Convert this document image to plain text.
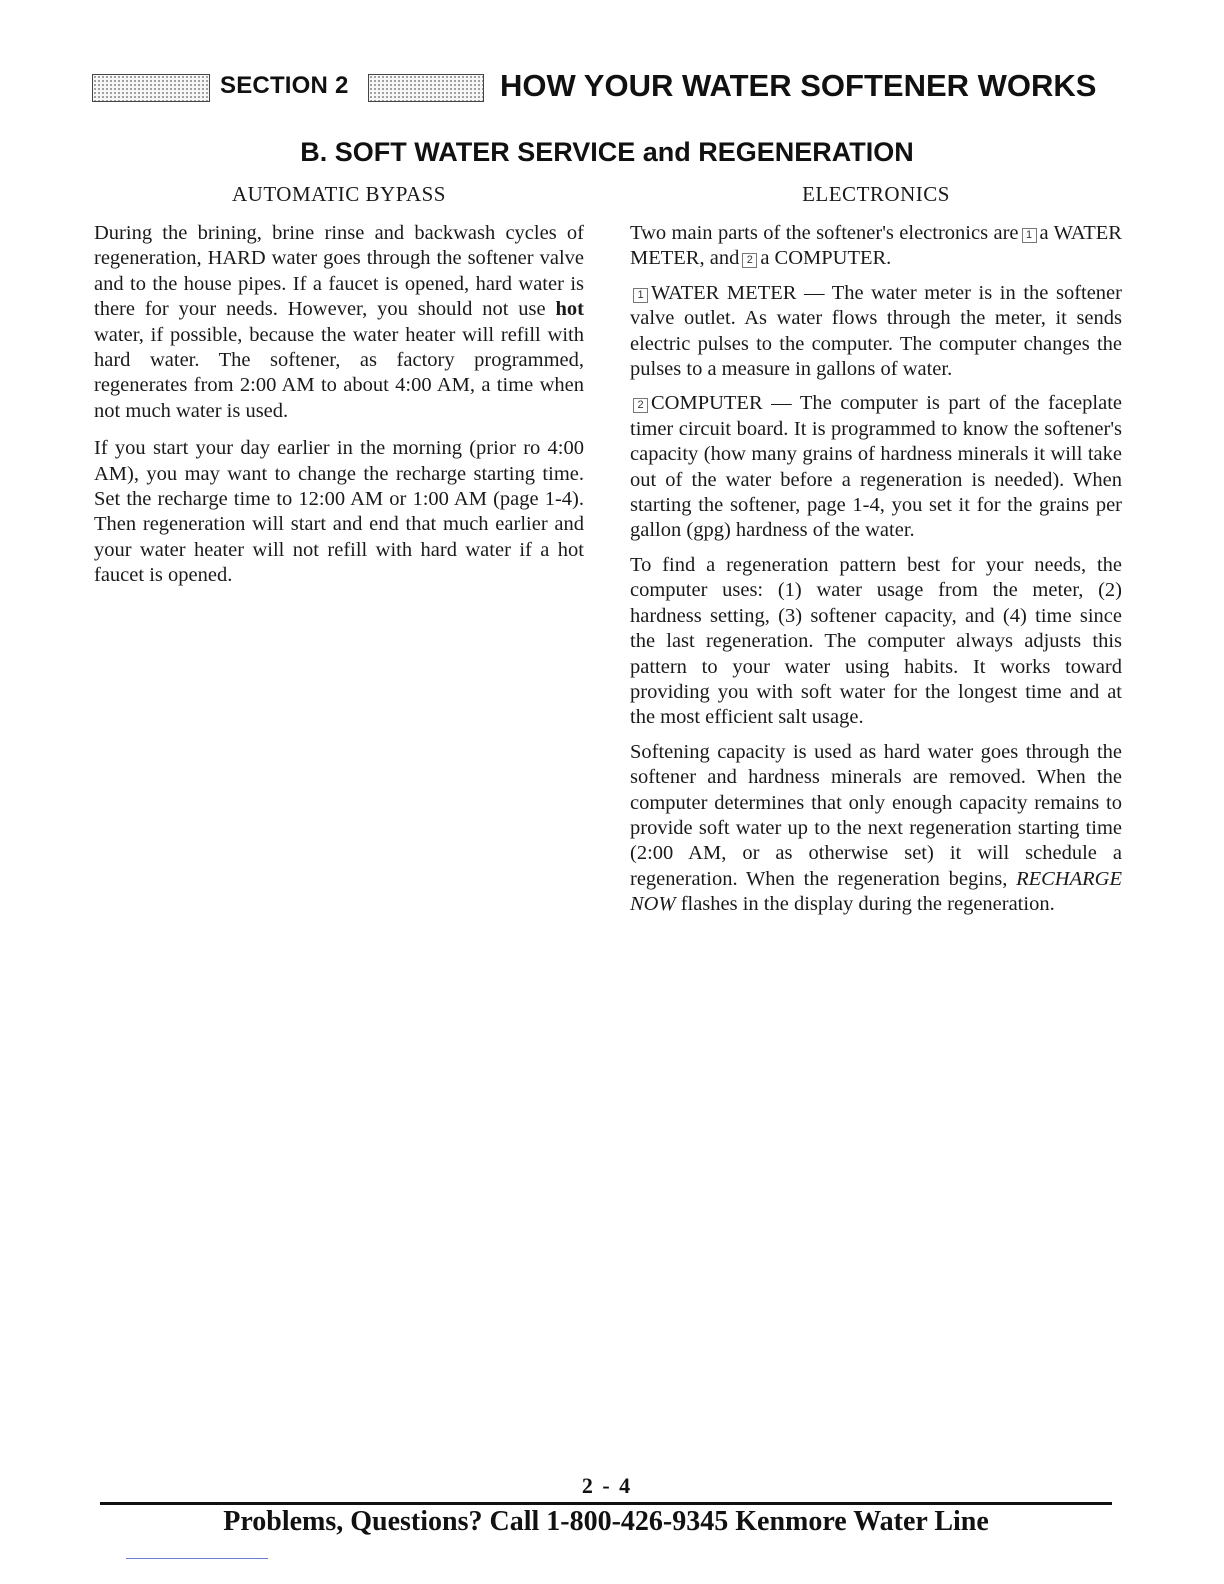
SECTION 2	HOW YOUR WATER SOFTENER WORKS
B. SOFT WATER SERVICE and REGENERATION
AUTOMATIC BYPASS

During the brining, brine rinse and backwash cycles of regeneration, HARD water goes through the softener valve and to the house pipes. If a faucet is opened, hard water is there for your needs. However, you should not use hot water, if possible, because the water heater will refill with hard water. The softener, as factory programmed, regenerates from 2:00 AM to about 4:00 AM, a time when not much water is used.

If you start your day earlier in the morning (prior ro 4:00 AM), you may want to change the recharge starting time. Set the recharge time to 12:00 AM or 1:00 AM (page 1-4). Then regeneration will start and end that much earlier and your water heater will not refill with hard water if a hot faucet is opened.

ELECTRONICS

Two main parts of the softener's electronics are 1 a WATER METER, and 2 a COMPUTER.

1 WATER METER — The water meter is in the softener valve outlet. As water flows through the meter, it sends electric pulses to the computer. The computer changes the pulses to a measure in gallons of water.

2 COMPUTER — The computer is part of the faceplate timer circuit board. It is programmed to know the softener's capacity (how many grains of hardness minerals it will take out of the water before a regeneration is needed). When starting the softener, page 1-4, you set it for the grains per gallon (gpg) hardness of the water.

To find a regeneration pattern best for your needs, the computer uses: (1) water usage from the meter, (2) hardness setting, (3) softener capacity, and (4) time since the last regeneration. The computer always adjusts this pattern to your water using habits. It works toward providing you with soft water for the longest time and at the most efficient salt usage.

Softening capacity is used as hard water goes through the softener and hardness minerals are removed. When the computer determines that only enough capacity remains to provide soft water up to the next regeneration starting time (2:00 AM, or as otherwise set) it will schedule a regeneration. When the regeneration begins, RECHARGE NOW flashes in the display during the regeneration.

2 - 4
Problems, Questions? Call 1-800-426-9345 Kenmore Water Line
